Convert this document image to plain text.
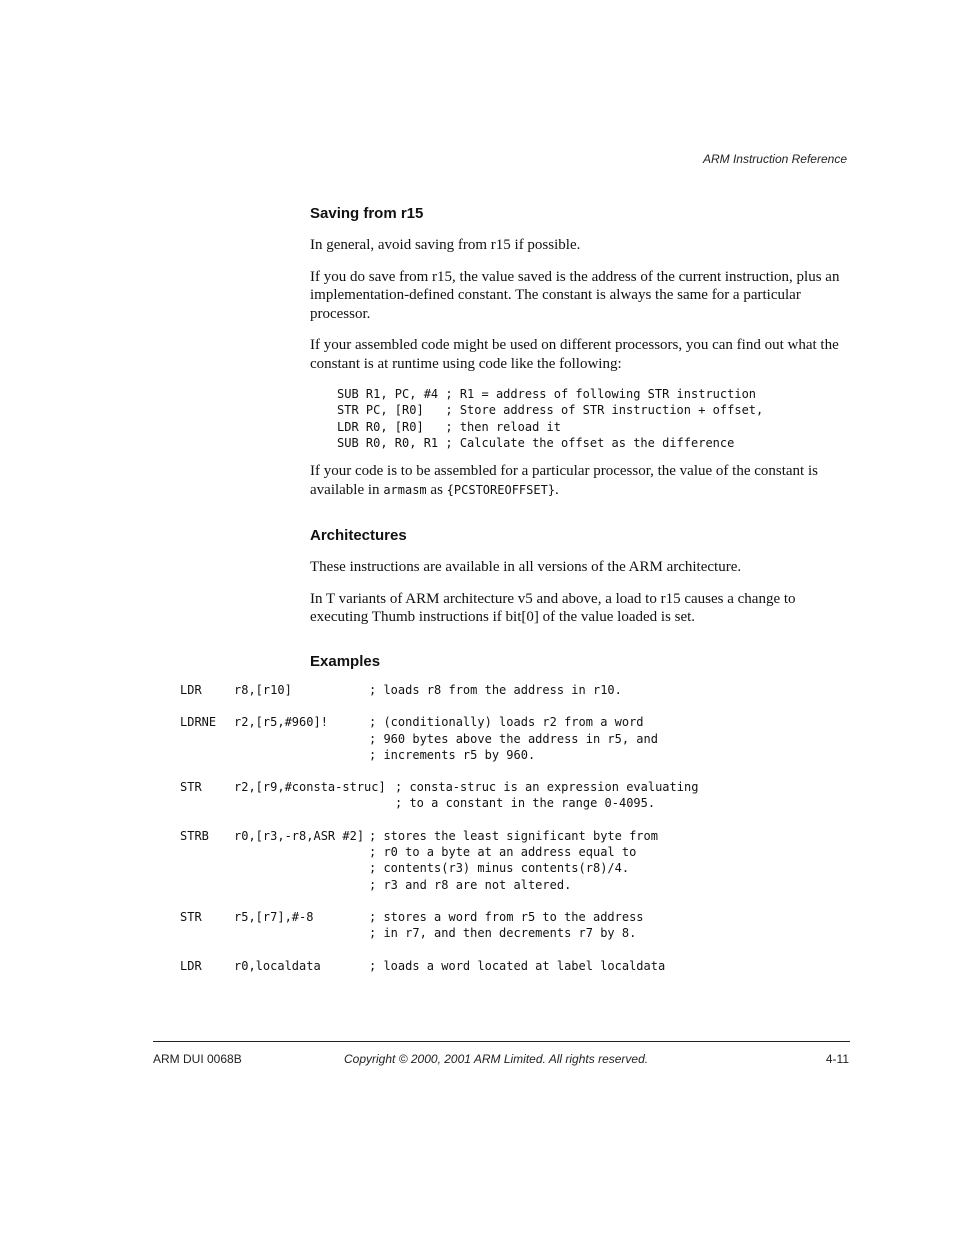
ARM Instruction Reference
Saving from r15

In general, avoid saving from r15 if possible.

If you do save from r15, the value saved is the address of the current instruction, plus an implementation-defined constant. The constant is always the same for a particular processor.

If your assembled code might be used on different processors, you can find out what the constant is at runtime using code like the following:

SUB R1, PC, #4 ; R1 = address of following STR instruction
STR PC, [R0]   ; Store address of STR instruction + offset,
LDR R0, [R0]   ; then reload it
SUB R0, R0, R1 ; Calculate the offset as the difference

If your code is to be assembled for a particular processor, the value of the constant is available in armasm as {PCSTOREOFFSET}.

Architectures

These instructions are available in all versions of the ARM architecture.

In T variants of ARM architecture v5 and above, a load to r15 causes a change to executing Thumb instructions if bit[0] of the value loaded is set.

Examples
LDR	r8,[r10]	; loads r8 from the address in r10.
LDRNE r2,[r5,#960]!	; (conditionally) loads r2 from a word
; 960 bytes above the address in r5, and
; increments r5 by 960.
STR	r2,[r9,#consta-struc] ; consta-struc is an expression evaluating
; to a constant in the range 0-4095.
STRB r0,[r3,-r8,ASR #2] ; stores the least significant byte from
; r0 to a byte at an address equal to
; contents(r3) minus contents(r8)/4.
; r3 and r8 are not altered.
STR	r5,[r7],#-8	; stores a word from r5 to the address
; in r7, and then decrements r7 by 8.
LDR	r0,localdata	; loads a word located at label localdata
ARM DUI 0068B	Copyright © 2000, 2001 ARM Limited. All rights reserved.	4-11
